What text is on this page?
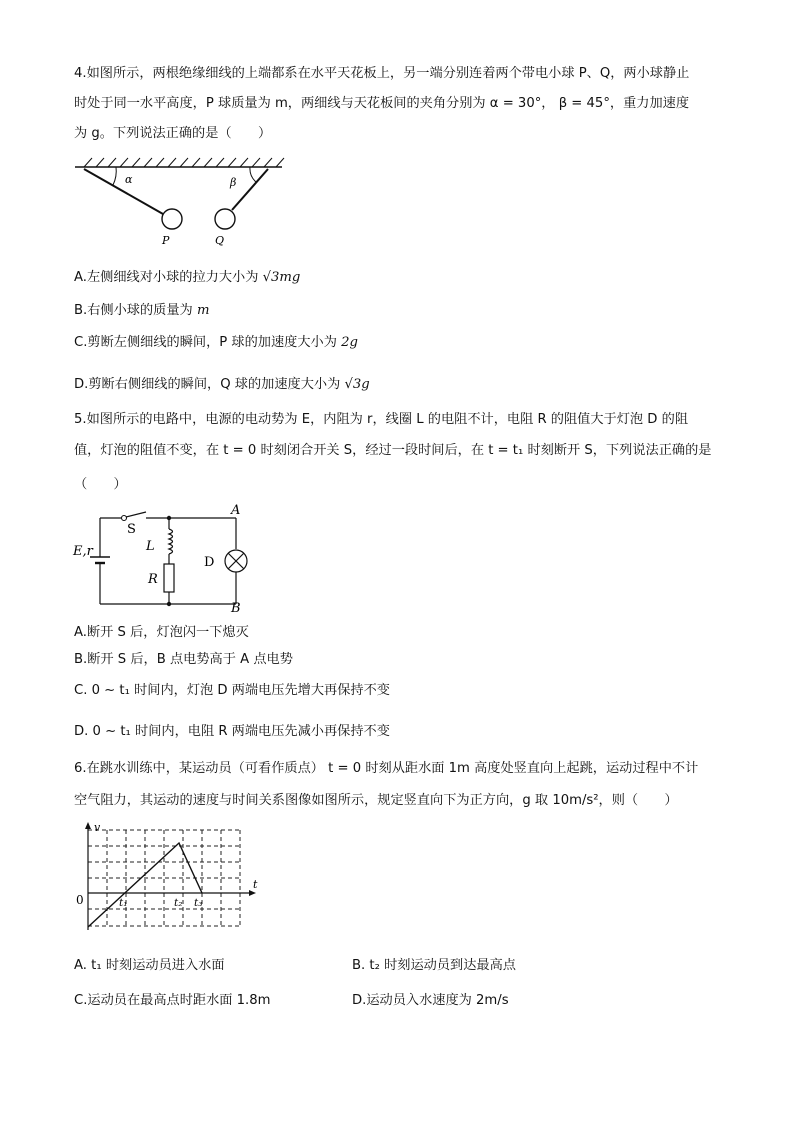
4.如图所示，两根绝缘细线的上端都系在水平天花板上，另一端分别连着两个带电小球 P、Q，两小球静止
时处于同一水平高度，P 球质量为 m，两细线与天花板间的夹角分别为 α = 30°， β = 45°，重力加速度
为 g。下列说法正确的是（　　）
α	β
P	Q
A.左侧细线对小球的拉力大小为 √3mg
B.右侧小球的质量为 m
C.剪断左侧细线的瞬间，P 球的加速度大小为 2g
D.剪断右侧细线的瞬间，Q 球的加速度大小为 √3g
5.如图所示的电路中，电源的电动势为 E，内阻为 r，线圈 L 的电阻不计，电阻 R 的阻值大于灯泡 D 的阻
值，灯泡的阻值不变，在 t = 0 时刻闭合开关 S，经过一段时间后，在 t = t₁ 时刻断开 S，下列说法正确的是
（　　）
E,r
S
L
R
D
A
B
A.断开 S 后，灯泡闪一下熄灭
B.断开 S 后，B 点电势高于 A 点电势
C. 0 ~ t₁ 时间内，灯泡 D 两端电压先增大再保持不变
D. 0 ~ t₁ 时间内，电阻 R 两端电压先减小再保持不变
6.在跳水训练中，某运动员（可看作质点） t = 0 时刻从距水面 1m 高度处竖直向上起跳，运动过程中不计
空气阻力，其运动的速度与时间关系图像如图所示，规定竖直向下为正方向，g 取 10m/s²，则（　　）
v
t
0	t₁	t₂ t₃
A. t₁ 时刻运动员进入水面	B. t₂ 时刻运动员到达最高点
C.运动员在最高点时距水面 1.8m	D.运动员入水速度为 2m/s
